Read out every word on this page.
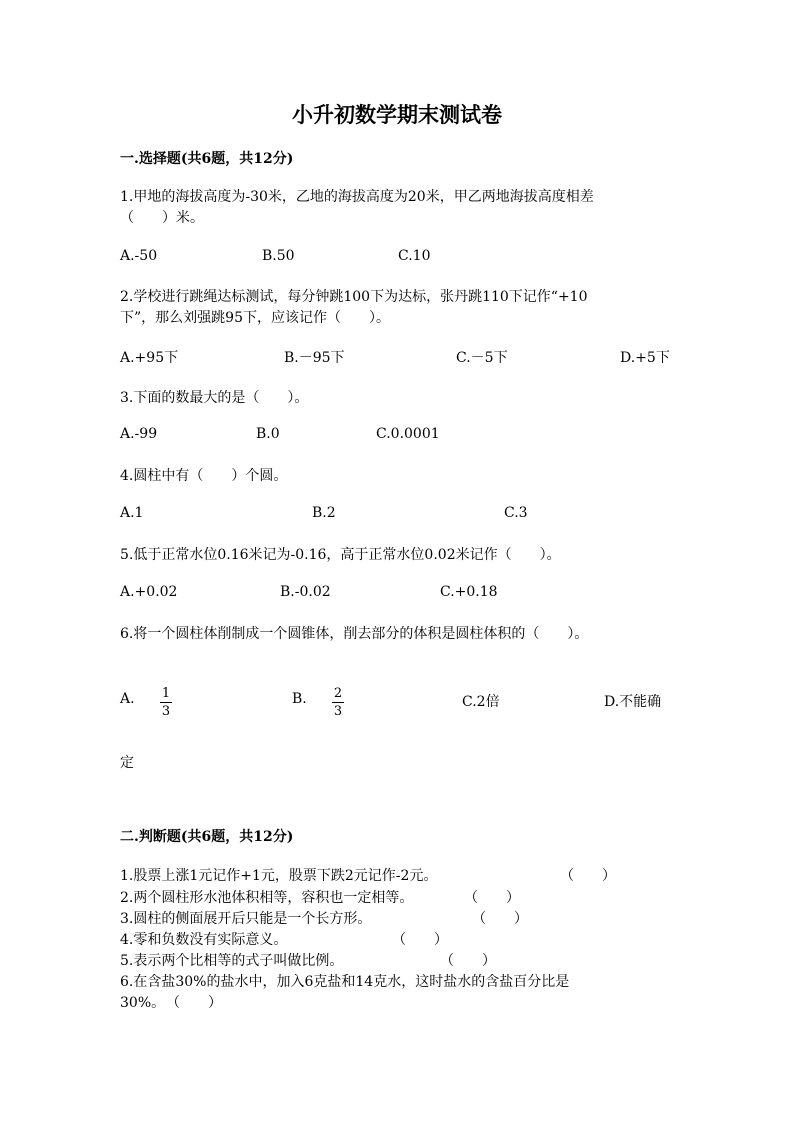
小升初数学期末测试卷
一.选择题(共6题，共12分)
1.甲地的海拔高度为-30米，乙地的海拔高度为20米，甲乙两地海拔高度相差
（　　）米。
A.-50	B.50	C.10
2.学校进行跳绳达标测试，每分钟跳100下为达标，张丹跳110下记作“+10
下”，那么刘强跳95下，应该记作（　　）。
A.+95下	B.－95下	C.－5下	D.+5下
3.下面的数最大的是（　　）。
A.-99	B.0	C.0.0001
4.圆柱中有（　　）个圆。
A.1	B.2	C.3
5.低于正常水位0.16米记为-0.16，高于正常水位0.02米记作（　　）。
A.+0.02	B.-0.02	C.+0.18
6.将一个圆柱体削制成一个圆锥体，削去部分的体积是圆柱体积的（　　）。
A. 1
3
B. 2
3
C.2倍	D.不能确
定
二.判断题(共6题，共12分)
1.股票上涨1元记作+1元，股票下跌2元记作-2元。	（　　）
2.两个圆柱形水池体积相等，容积也一定相等。	（　　）
3.圆柱的侧面展开后只能是一个长方形。	（　　）
4.零和负数没有实际意义。	（　　）
5.表示两个比相等的式子叫做比例。	（　　）
6.在含盐30%的盐水中，加入6克盐和14克水，这时盐水的含盐百分比是
30%。 （　　）
